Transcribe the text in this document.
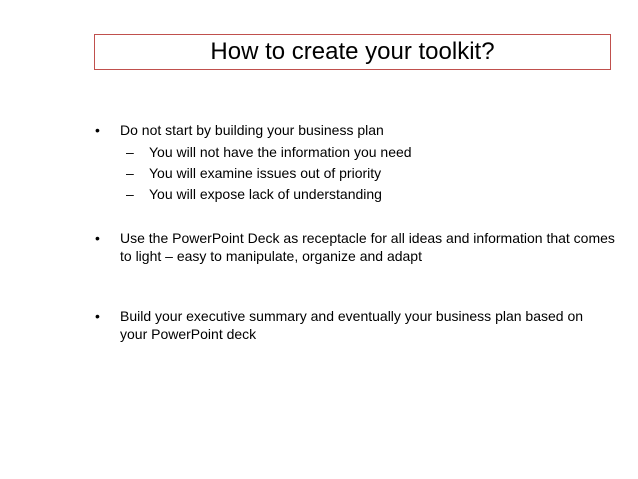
How to create your toolkit?
• Do not start by building your business plan
– You will not have the information you need
– You will examine issues out of priority
– You will expose lack of understanding
• Use the PowerPoint Deck as receptacle for all ideas and information that comes to light – easy to manipulate, organize and adapt
• Build your executive summary and eventually your business plan based on your PowerPoint deck
